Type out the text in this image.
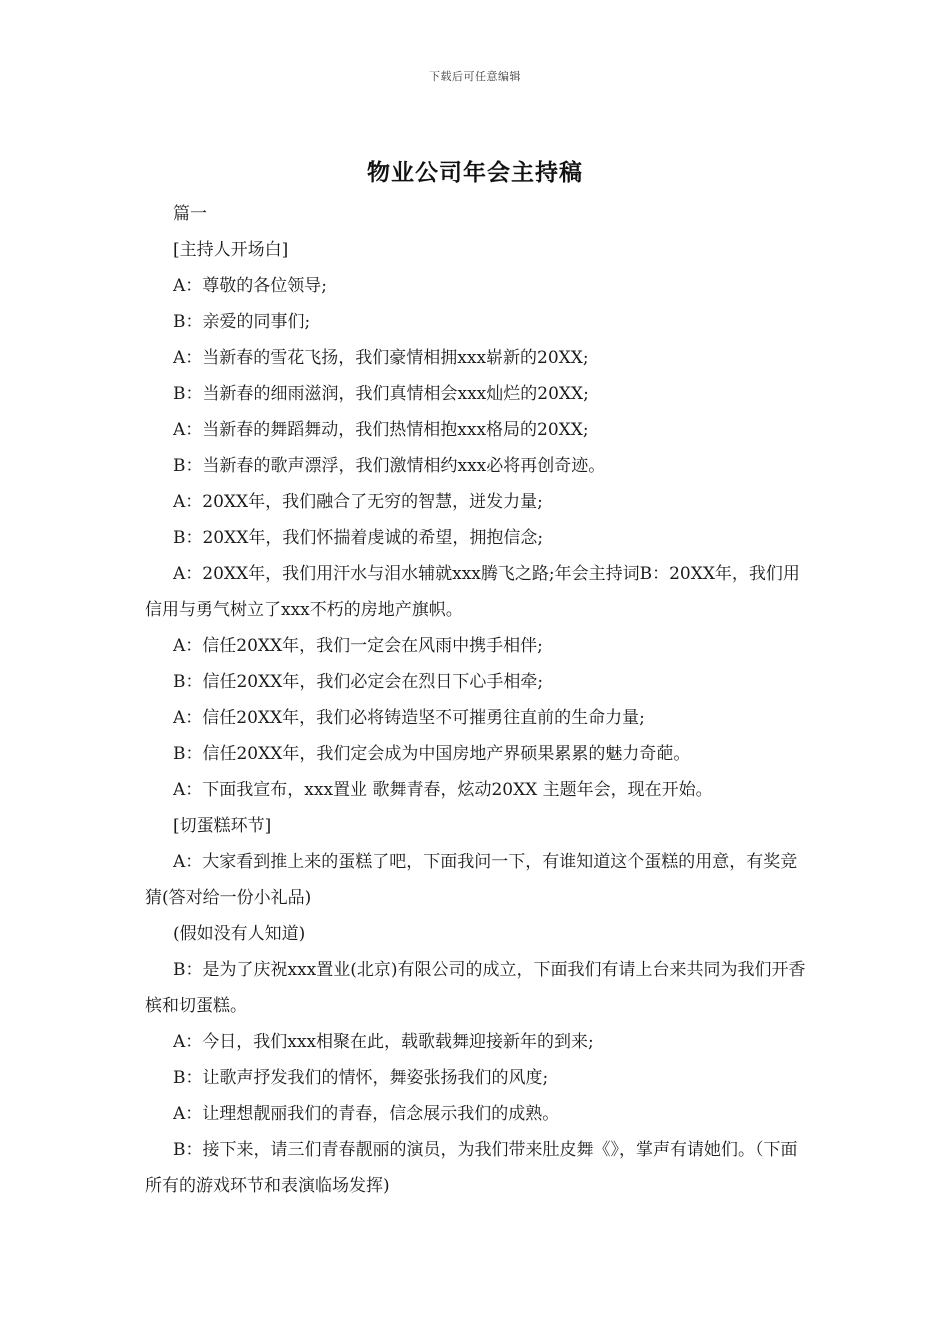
下载后可任意编辑
物业公司年会主持稿

篇一

[主持人开场白]

A：尊敬的各位领导;

B：亲爱的同事们;

A：当新春的雪花飞扬，我们豪情相拥xxx崭新的20XX;

B：当新春的细雨滋润，我们真情相会xxx灿烂的20XX;

A：当新春的舞蹈舞动，我们热情相抱xxx格局的20XX;

B：当新春的歌声漂浮，我们激情相约xxx必将再创奇迹。

A：20XX年，我们融合了无穷的智慧，迸发力量;

B：20XX年，我们怀揣着虔诚的希望，拥抱信念;

A：20XX年，我们用汗水与泪水辅就xxx腾飞之路;年会主持词B：20XX年，我们用信用与勇气树立了xxx不朽的房地产旗帜。

A：信任20XX年，我们一定会在风雨中携手相伴;

B：信任20XX年，我们必定会在烈日下心手相牵;

A：信任20XX年，我们必将铸造坚不可摧勇往直前的生命力量;

B：信任20XX年，我们定会成为中国房地产界硕果累累的魅力奇葩。

A：下面我宣布，xxx置业 歌舞青春，炫动20XX 主题年会，现在开始。

[切蛋糕环节]

A：大家看到推上来的蛋糕了吧，下面我问一下，有谁知道这个蛋糕的用意，有奖竞猜(答对给一份小礼品)

(假如没有人知道)

B：是为了庆祝xxx置业(北京)有限公司的成立，下面我们有请上台来共同为我们开香槟和切蛋糕。

A：今日，我们xxx相聚在此，载歌载舞迎接新年的到来;

B：让歌声抒发我们的情怀，舞姿张扬我们的风度;

A：让理想靓丽我们的青春，信念展示我们的成熟。

B：接下来，请三们青春靓丽的演员，为我们带来肚皮舞《》，掌声有请她们。（下面所有的游戏环节和表演临场发挥)
